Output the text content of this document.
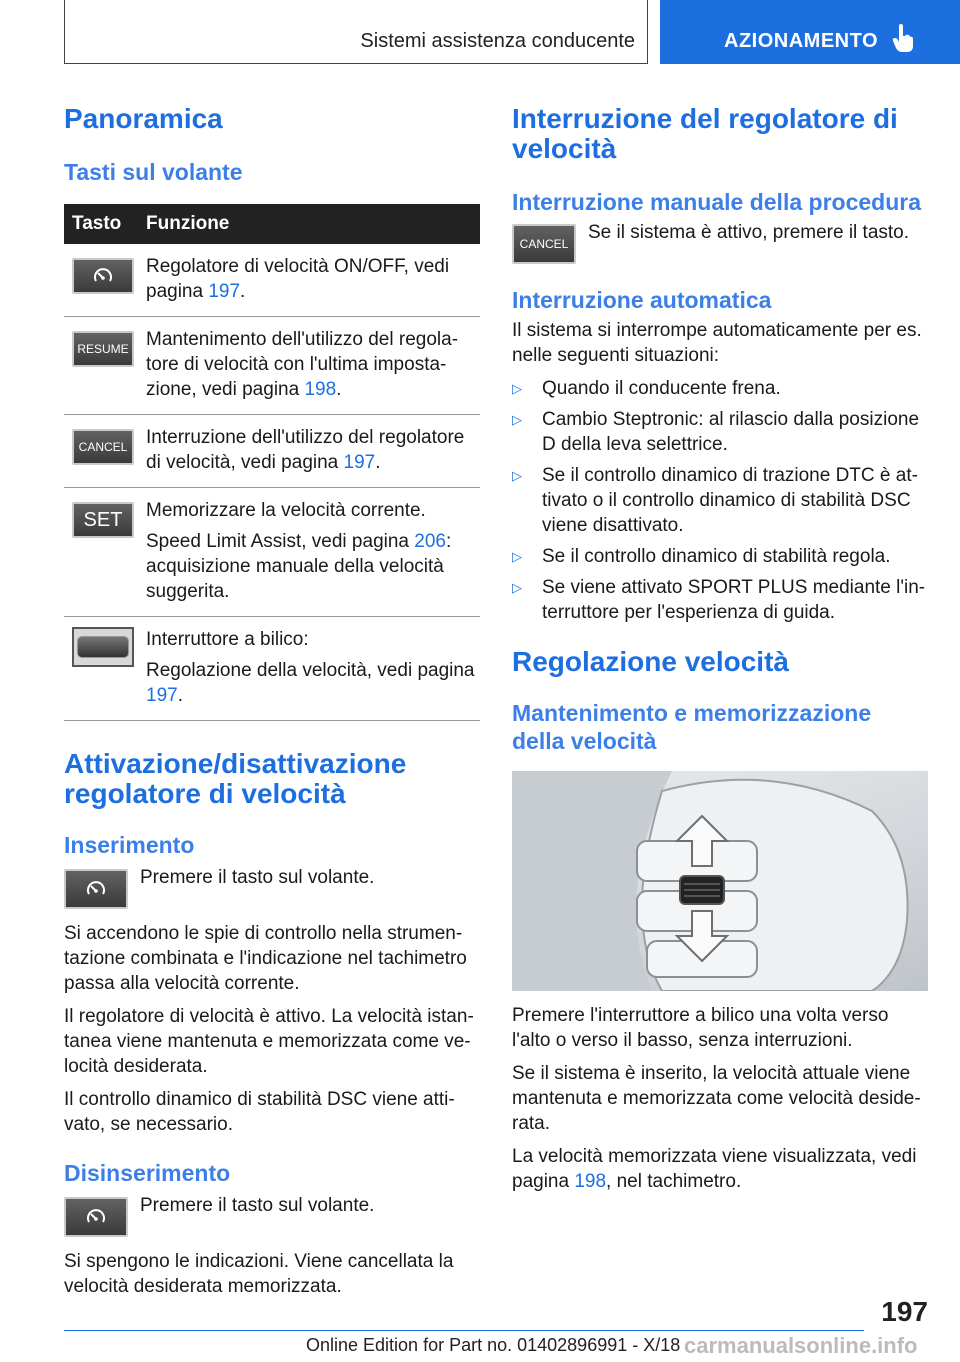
Sistemi assistenza conducente	AZIONAMENTO
Panoramica
Tasti sul volante
Tasto	Funzione

	Regolatore di velocità ON/OFF, vedi pagina 197.

RESUME	Mantenimento dell'utilizzo del regolatore di velocità con l'ultima impostazione, vedi pagina 198.

CANCEL	Interruzione dell'utilizzo del regolatore di velocità, vedi pagina 197.

SET	Memorizzare la velocità corrente.
Speed Limit Assist, vedi pagina 206: acquisizione manuale della velocità suggerita.

	Interruttore a bilico:
Regolazione della velocità, vedi pagina 197.
Attivazione/disattivazione regolatore di velocità
Inserimento

Premere il tasto sul volante.

Si accendono le spie di controllo nella strumentazione combinata e l'indicazione nel tachimetro passa alla velocità corrente.

Il regolatore di velocità è attivo. La velocità istantanea viene mantenuta e memorizzata come velocità desiderata.

Il controllo dinamico di stabilità DSC viene attivato, se necessario.

Disinserimento

Premere il tasto sul volante.

Si spengono le indicazioni. Viene cancellata la velocità desiderata memorizzata.

Interruzione del regolatore di velocità
Interruzione manuale della procedura
CANCEL

Se il sistema è attivo, premere il tasto.

Interruzione automatica

Il sistema si interrompe automaticamente per es. nelle seguenti situazioni:

▷ Quando il conducente frena.
▷ Cambio Steptronic: al rilascio dalla posizione D della leva selettrice.
▷ Se il controllo dinamico di trazione DTC è attivato o il controllo dinamico di stabilità DSC viene disattivato.
▷ Se il controllo dinamico di stabilità regola.
▷ Se viene attivato SPORT PLUS mediante l'interruttore per l'esperienza di guida.
Regolazione velocità
Mantenimento e memorizzazione della velocità

Premere l'interruttore a bilico una volta verso l'alto o verso il basso, senza interruzioni.

Se il sistema è inserito, la velocità attuale viene mantenuta e memorizzata come velocità desiderata.

La velocità memorizzata viene visualizzata, vedi pagina 198, nel tachimetro.

197
Online Edition for Part no. 01402896991 - X/18 carmanualsonline.info
